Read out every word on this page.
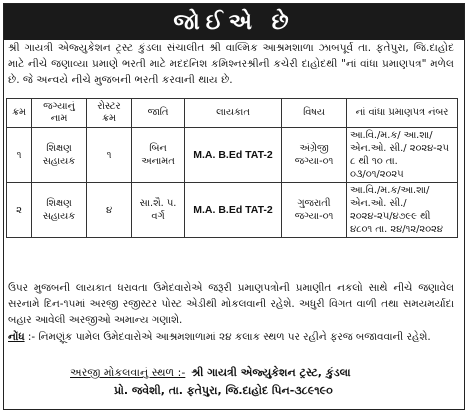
જોઈએ છે
શ્રી ગાયત્રી એજ્યુકેશન ટ્રસ્ટ કુંડલા સંચાલીત શ્રી વાલ્મિક આશ્રમશાળા ઝાબપૂર્વ તા. ફતેપુરા, જિ.દાહોદ માટે નીચે જણાવ્યા પ્રમાણે ભરતી માટે મદદનિશ કમિશ્નરશ્રીની કચેરી દાહોદથી "નાં વાંધા પ્રમાણપત્ર" મળેલ છે. જે અન્વયે નીચે મુજબની ભરતી કરવાની થાય છે.
ક્રમ	જગ્યાનું નામ	રોસ્ટર ક્રમ	જાતિ	લાયકાત	વિષય	નાં વાંધા પ્રમાણપત્ર નંબર
૧	શિક્ષણ સહાયક	૧	બિન અનામત	M.A. B.Ed TAT-2	અંગ્રેજી જગ્યા-૦૧	આ.વિ./મ.ક/ આ.શા/ એન.ઓ. સી./ ૨૦૨૪-૨૫ ૮ થી ૧૦ તા. ૦૩/૦૧/૨૦૨૫
૨	શિક્ષણ સહાયક	૪	સા.શૈ. પ. વર્ગ	M.A. B.Ed TAT-2	ગુજરાતી જગ્યા-૦૧	આ.વિ./મ.ક/આ.શા/એન.ઓ. સી./૨૦૨૪-૨૫/૪૭૯૯ થી ૪૮૦૧ તા. ૨૪/૧૨/૨૦૨૪
ઉપર મુજબની લાયકાત ધરાવતા ઉમેદવારોએ જરૂરી પ્રમાણપત્રોની પ્રમાણીત નકલો સાથે નીચે જણાવેલ સરનામે દિન-૧૫માં અરજી રજીસ્ટર પોસ્ટ એડીથી મોકલવાની રહેશે. અધુરી વિગત વાળી તથા સમયમર્યાદા બહાર આવેલી અરજીઓ અમાન્ય ગણાશે.
નોંધ :- નિમણૂંક પામેલ ઉમેદવારોએ આશ્રમશાળામાં ૨૪ કલાક સ્થળ પર રહીને ફરજ બજાવવાની રહેશે.
અરજી મોકલવાનું સ્થળ :- શ્રી ગાયત્રી એજ્યુકેશન ટ્રસ્ટ, કુંડલા
પ્રો. જવેશી, તા. ફતેપુરા, જિ.દાહોદ પિન-૩૮૯૧૯૦
